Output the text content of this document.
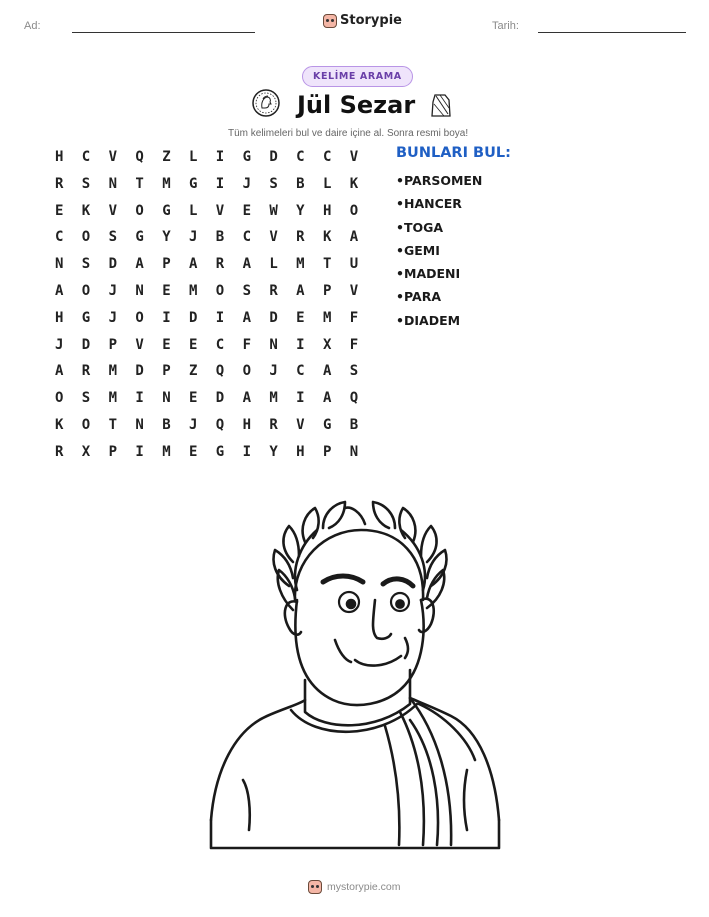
Ad:	Storypie	Tarih:
KELİME ARAMA
Jül Sezar
Tüm kelimeleri bul ve daire içine al. Sonra resmi boya!
H	C	V	Q	Z	L	I	G	D	C	C	V
R	S	N	T	M	G	I	J	S	B	L	K
E	K	V	O	G	L	V	E	W	Y	H	O
C	O	S	G	Y	J	B	C	V	R	K	A
N	S	D	A	P	A	R	A	L	M	T	U
A	O	J	N	E	M	O	S	R	A	P	V
H	G	J	O	I	D	I	A	D	E	M	F
J	D	P	V	E	E	C	F	N	I	X	F
A	R	M	D	P	Z	Q	O	J	C	A	S
O	S	M	I	N	E	D	A	M	I	A	Q
K	O	T	N	B	J	Q	H	R	V	G	B
R	X	P	I	M	E	G	I	Y	H	P	N
BUNLARI BUL:
• PARSOMEN
• HANCER
• TOGA
• GEMI
• MADENI
• PARA
• DIADEM
mystorypie.com
